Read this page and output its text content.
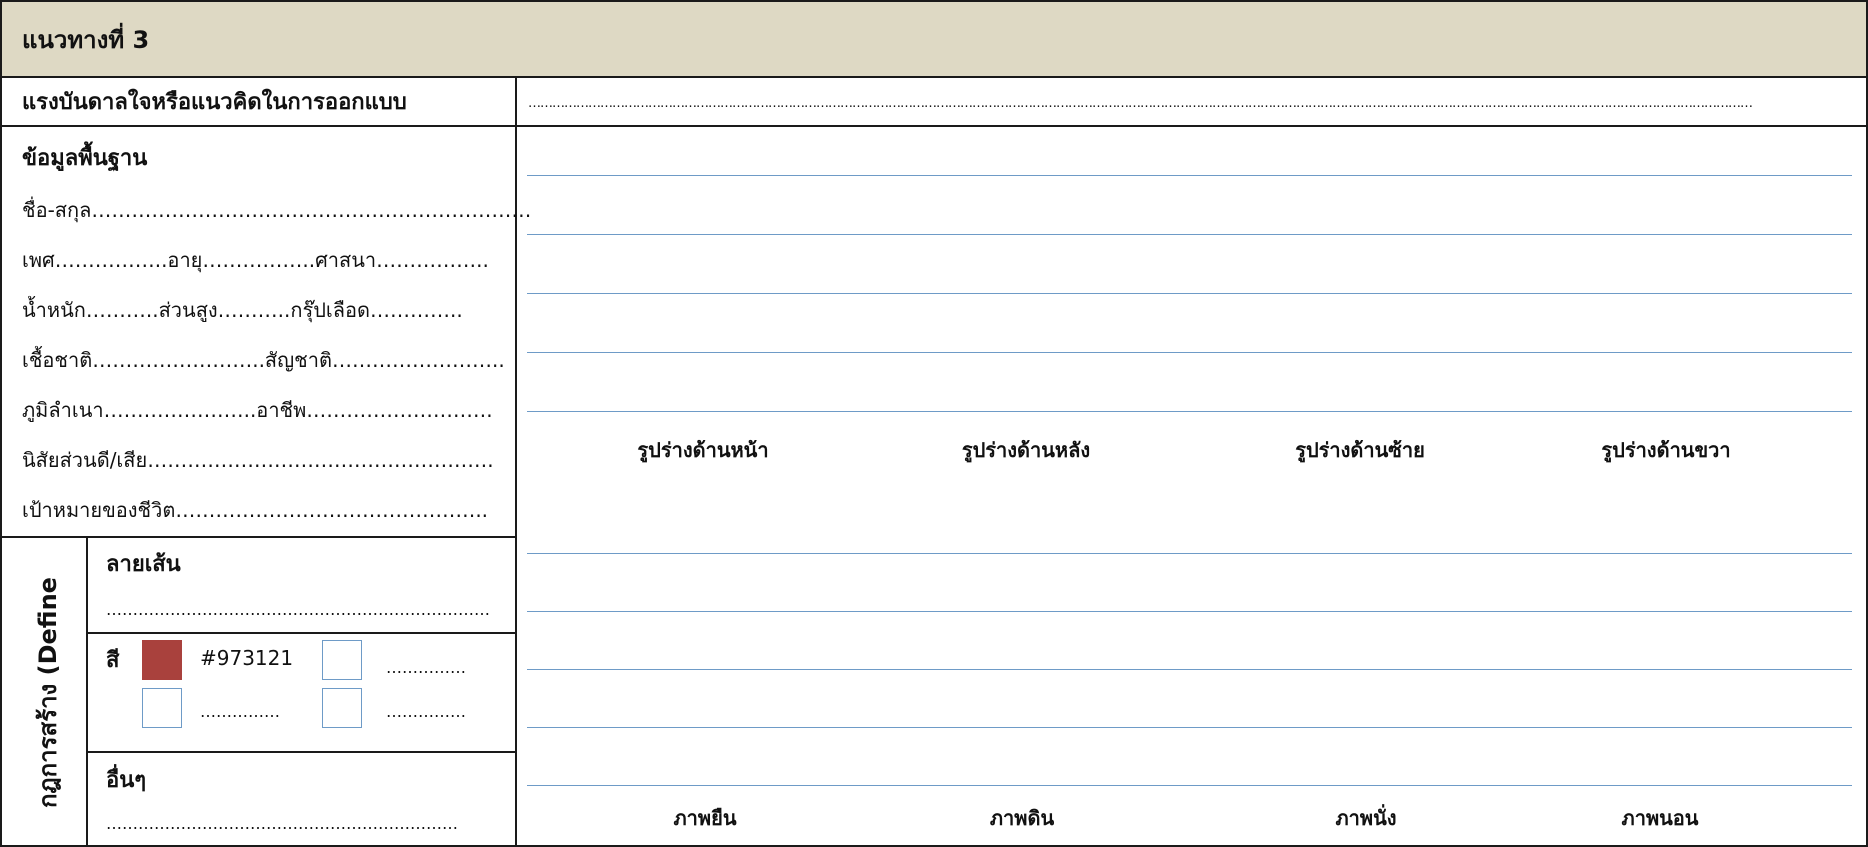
แนวทางที่ 3
แรงบันดาลใจหรือแนวคิดในการออกแบบ	………………………………………………………………………………………………………………………………………………………………………………………………………………………………………………………………………………
ข้อมูลพื้นฐาน
ชื่อ-สกุล…………………………………………………………
เพศ……………..อายุ……………..ศาสนา……………..
น้ำหนัก………..ส่วนสูง………..กรุ๊ปเลือด…………..
เชื้อชาติ……………………..สัญชาติ……………………..
ภูมิลำเนา…………………..อาชีพ……………………….
นิสัยส่วนดี/เสีย…………………………………………….
เป้าหมายของชีวิต………………………………………..
กฎการสร้าง (Define
ลายเส้น
………………………………………………………………
สี	#973121	……………
……………	……………
อื่นๆ
…………………………………………………………
รูปร่างด้านหน้า	รูปร่างด้านหลัง	รูปร่างด้านซ้าย	รูปร่างด้านขวา
ภาพยืน	ภาพดิน	ภาพนั่ง	ภาพนอน
